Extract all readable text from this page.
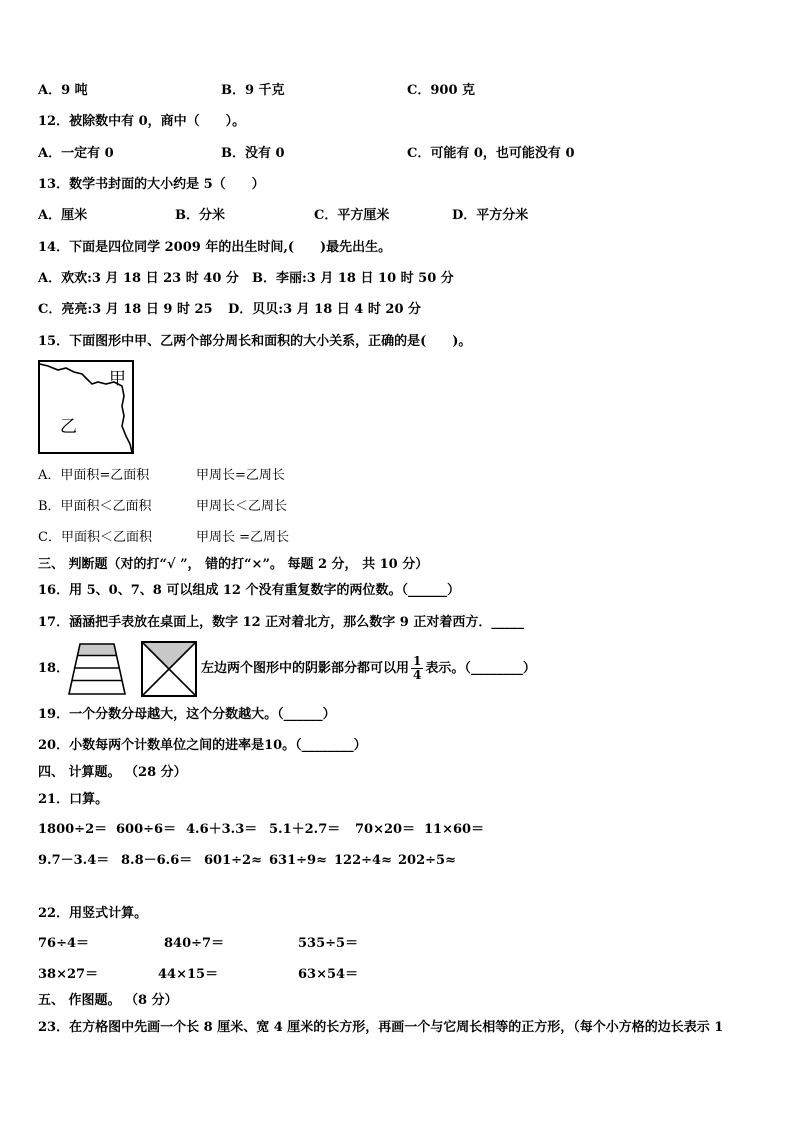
A．9 吨	B．9 千克	C．900 克
12．被除数中有 0，商中（　　）。
A．一定有 0	B．没有 0	C．可能有 0，也可能没有 0
13．数学书封面的大小约是 5（　　）
A．厘米	B．分米	C．平方厘米	D．平方分米
14．下面是四位同学 2009 年的出生时间,(　　)最先出生。
A．欢欢:3 月 18 日 23 时 40 分 B．李丽:3 月 18 日 10 时 50 分
C．亮亮:3 月 18 日 9 时 25 D．贝贝:3 月 18 日 4 时 20 分
15．下面图形中甲、乙两个部分周长和面积的大小关系，正确的是(　　)。
甲
乙
A．甲面积=乙面积	甲周长=乙周长
B．甲面积＜乙面积	甲周长＜乙周长
C．甲面积＜乙面积	甲周长 =乙周长
三、 判断题（对的打“√ ”， 错的打“×”。 每题 2 分， 共 10 分）
16．用 5、0、7、8 可以组成 12 个没有重复数字的两位数。（______）
17．涵涵把手表放在桌面上，数字 12 正对着北方，那么数字 9 正对着西方．_____
18．	左边两个图形中的阴影部分都可以用 $\frac{1}{4}$ 表示。（________）
19．一个分数分母越大，这个分数越大。（______）
20．小数每两个计数单位之间的进率是10。（________）
四、 计算题。 （28 分）
21．口算。
1800÷2＝ 600÷6＝ 4.6＋3.3＝ 5.1＋2.7＝ 70×20＝ 11×60＝
9.7－3.4＝ 8.8－6.6＝ 601÷2≈ 631÷9≈ 122÷4≈ 202÷5≈
22．用竖式计算。
76÷4＝	840÷7＝	535÷5＝
38×27＝	44×15＝	63×54＝
五、 作图题。 （8 分）
23．在方格图中先画一个长 8 厘米、宽 4 厘米的长方形，再画一个与它周长相等的正方形，（每个小方格的边长表示 1
